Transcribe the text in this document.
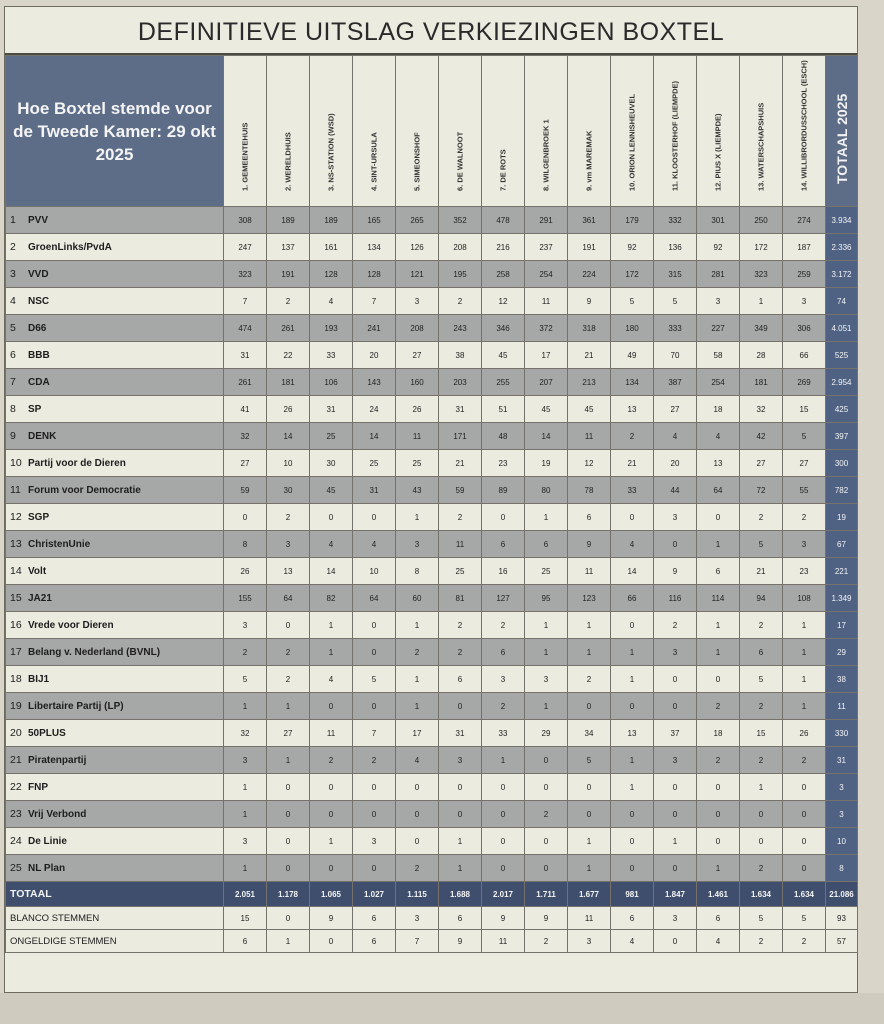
DEFINITIEVE UITSLAG VERKIEZINGEN BOXTEL
Hoe Boxtel stemde voor de Tweede Kamer: 29 okt 2025	1. GEMEENTEHUIS	2. WERELDHUIS	3. NS-STATION (WSD)	4. SINT-URSULA	5. SIMEONSHOF	6. DE WALNOOT	7. DE ROTS	8. WILGENBROEK 1	9. vm MAREMAK	10. ORION LENNISHEUVEL	11. KLOOSTERHOF (LIEMPDE)	12. PIUS X (LIEMPDE)	13. WATERSCHAPSHUIS	14. WILLIBRORDUSSCHOOL (ESCH)	TOTAAL 2025

1 PVV	308	189	189	165	265	352	478	291	361	179	332	301	250	274	3.934
2 GroenLinks/PvdA	247	137	161	134	126	208	216	237	191	92	136	92	172	187	2.336
3 VVD	323	191	128	128	121	195	258	254	224	172	315	281	323	259	3.172
4 NSC	7	2	4	7	3	2	12	11	9	5	5	3	1	3	74
5 D66	474	261	193	241	208	243	346	372	318	180	333	227	349	306	4.051
6 BBB	31	22	33	20	27	38	45	17	21	49	70	58	28	66	525
7 CDA	261	181	106	143	160	203	255	207	213	134	387	254	181	269	2.954
8 SP	41	26	31	24	26	31	51	45	45	13	27	18	32	15	425
9 DENK	32	14	25	14	11	171	48	14	11	2	4	4	42	5	397
10 Partij voor de Dieren	27	10	30	25	25	21	23	19	12	21	20	13	27	27	300
11 Forum voor Democratie	59	30	45	31	43	59	89	80	78	33	44	64	72	55	782
12 SGP	0	2	0	0	1	2	0	1	6	0	3	0	2	2	19
13 ChristenUnie	8	3	4	4	3	11	6	6	9	4	0	1	5	3	67
14 Volt	26	13	14	10	8	25	16	25	11	14	9	6	21	23	221
15 JA21	155	64	82	64	60	81	127	95	123	66	116	114	94	108	1.349
16 Vrede voor Dieren	3	0	1	0	1	2	2	1	1	0	2	1	2	1	17
17 Belang v. Nederland (BVNL)	2	2	1	0	2	2	6	1	1	1	3	1	6	1	29
18 BIJ1	5	2	4	5	1	6	3	3	2	1	0	0	5	1	38
19 Libertaire Partij (LP)	1	1	0	0	1	0	2	1	0	0	0	2	2	1	11
20 50PLUS	32	27	11	7	17	31	33	29	34	13	37	18	15	26	330
21 Piratenpartij	3	1	2	2	4	3	1	0	5	1	3	2	2	2	31
22 FNP	1	0	0	0	0	0	0	0	0	1	0	0	1	0	3
23 Vrij Verbond	1	0	0	0	0	0	0	2	0	0	0	0	0	0	3
24 De Linie	3	0	1	3	0	1	0	0	1	0	1	0	0	0	10
25 NL Plan	1	0	0	0	2	1	0	0	1	0	0	1	2	0	8
TOTAAL	2.051	1.178	1.065	1.027	1.115	1.688	2.017	1.711	1.677	981	1.847	1.461	1.634	1.634	21.086
BLANCO STEMMEN	15	0	9	6	3	6	9	9	11	6	3	6	5	5	93
ONGELDIGE STEMMEN	6	1	0	6	7	9	11	2	3	4	0	4	2	2	57
